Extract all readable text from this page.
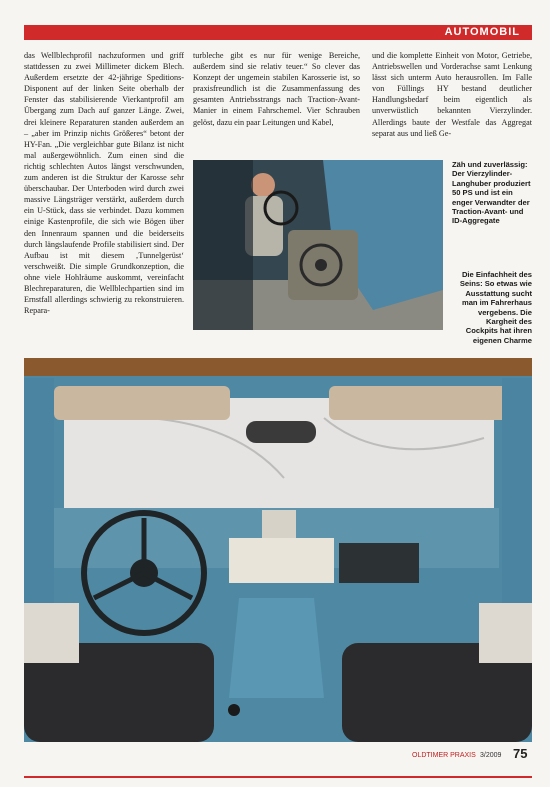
AUTOMOBIL
das Wellblechprofil nachzuformen und griff stattdessen zu zwei Millimeter dickem Blech. Außerdem ersetzte der 42-jährige Speditions-Disponent auf der linken Seite oberhalb der Fenster das stabilisierende Vierkantprofil am Übergang zum Dach auf ganzer Länge. Zwei, drei kleinere Reparaturen standen außerdem an – „aber im Prinzip nichts Größeres“ betont der HY-Fan. „Die vergleichbar gute Bilanz ist nicht mal außergewöhnlich. Zum einen sind die richtig schlechten Autos längst verschwunden, zum anderen ist die Struktur der Karosse sehr überschaubar. Der Unterboden wird durch zwei massive Längsträger verstärkt, außerdem durch ein U-Stück, dass sie verbindet. Dazu kommen einige Kastenprofile, die sich wie Bögen über den Innenraum spannen und die beiderseits durch längslaufende Profile stabilisiert sind. Der Aufbau ist mit diesem ‚Tunnelgerüst‘ verschweißt. Die simple Grundkonzeption, die ohne viele Hohlräume auskommt, vereinfacht Blechreparaturen, die Wellblechpartien sind im Ernstfall allerdings schwierig zu rekonstruieren. Repara-
turbleche gibt es nur für wenige Bereiche, außerdem sind sie relativ teuer.“ So clever das Konzept der ungemein stabilen Karosserie ist, so praxisfreundlich ist die Zusammenfassung des gesamten Antriebsstrangs nach Traction-Avant-Manier in einem Fahrschemel. Vier Schrauben gelöst, dazu ein paar Leitungen und Kabel,
und die komplette Einheit von Motor, Getriebe, Antriebswellen und Vorderachse samt Lenkung lässt sich unterm Auto herausrollen. Im Falle von Füllings HY bestand deutlicher Handlungsbedarf beim eigentlich als unverwüstlich bekannten Vierzylinder. Allerdings baute der Westfale das Aggregat separat aus und ließ Ge-
Zäh und zuverlässig: Der Vierzylinder-Langhuber produziert 50 PS und ist ein enger Verwandter der Traction-Avant- und ID-Aggregate
Die Einfachheit des Seins: So etwas wie Ausstattung sucht man im Fahrerhaus vergebens. Die Kargheit des Cockpits hat ihren eigenen Charme
OLDTIMER PRAXIS 3/2009 75
